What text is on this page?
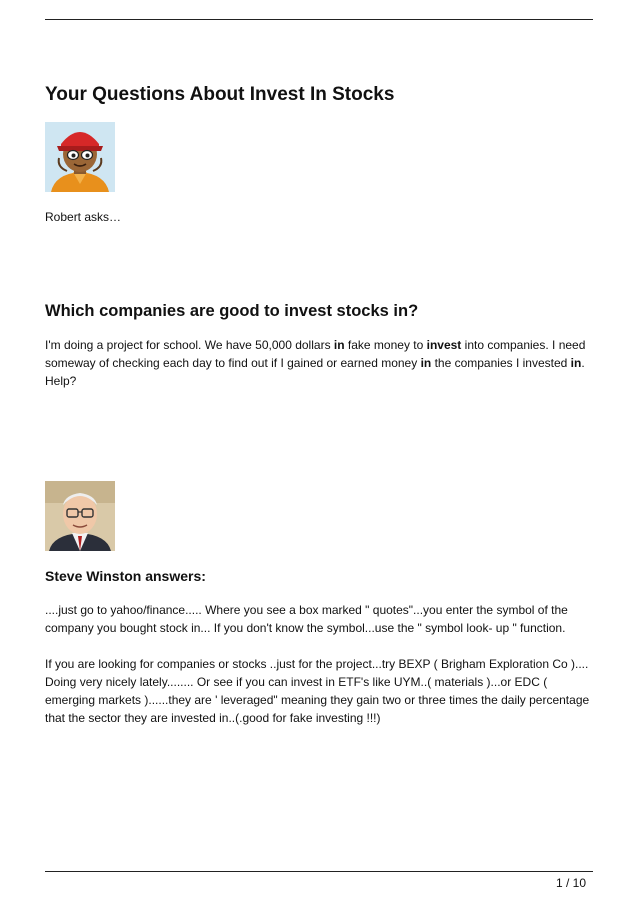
Your Questions About Invest In Stocks

Robert asks…

Which companies are good to invest stocks in?

I'm doing a project for school. We have 50,000 dollars in fake money to invest into companies. I need someway of checking each day to find out if I gained or earned money in the companies I invested in. Help?

Steve Winston answers:

....just go to yahoo/finance..... Where you see a box marked " quotes"...you enter the symbol of the company you bought stock in... If you don't know the symbol...use the " symbol look- up " function.

If you are looking for companies or stocks ..just for the project...try BEXP ( Brigham Exploration Co ).... Doing very nicely lately........ Or see if you can invest in ETF's like UYM..( materials )...or EDC ( emerging markets )......they are ' leveraged" meaning they gain two or three times the daily percentage that the sector they are invested in..(.good for fake investing !!!)

1 / 10
